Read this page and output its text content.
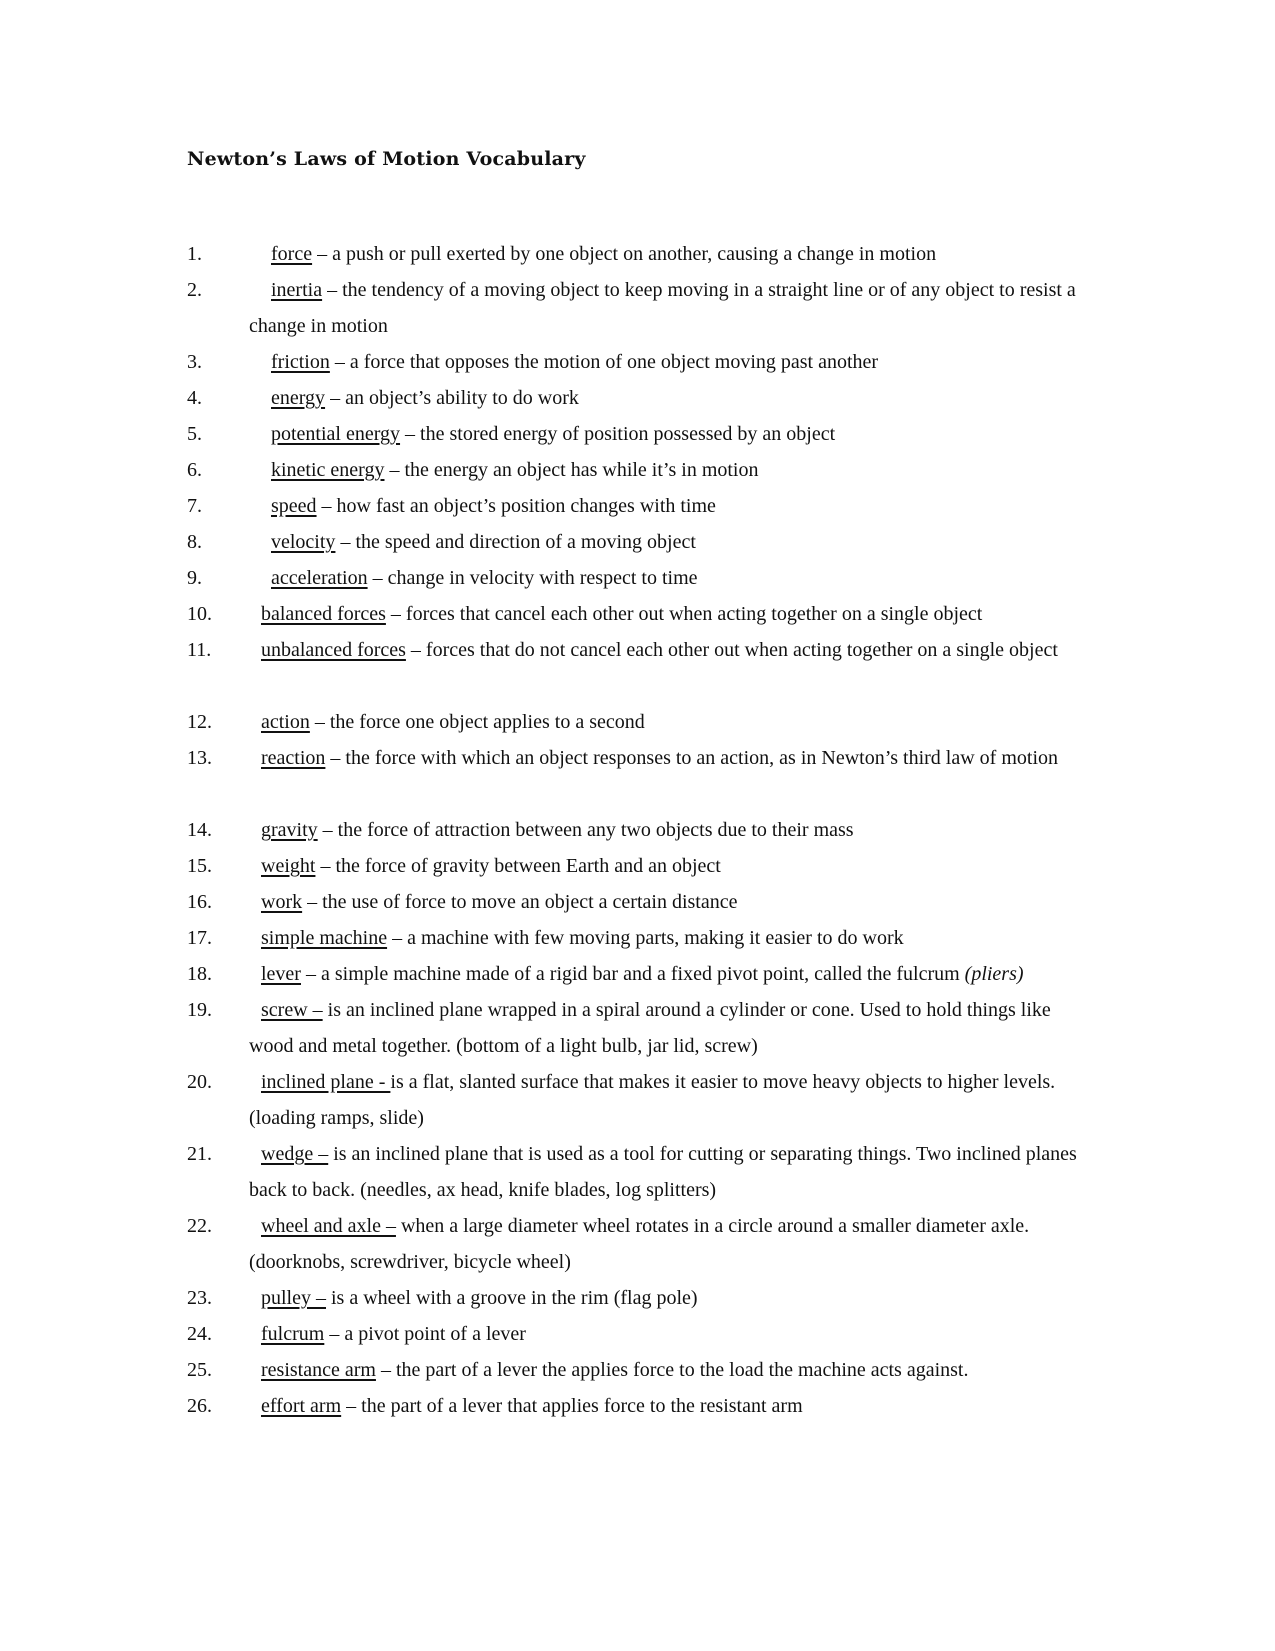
Newton’s Laws of Motion Vocabulary
1.	force – a push or pull exerted by one object on another, causing a change in motion
2.	inertia – the tendency of a moving object to keep moving in a straight line or of any object to resist a change in motion
3.	friction – a force that opposes the motion of one object moving past another
4.	energy – an object’s ability to do work
5.	potential energy – the stored energy of position possessed by an object
6.	kinetic energy – the energy an object has while it’s in motion
7.	speed – how fast an object’s position changes with time
8.	velocity – the speed and direction of a moving object
9.	acceleration – change in velocity with respect to time
10.	balanced forces – forces that cancel each other out when acting together on a single object
11.	unbalanced forces – forces that do not cancel each other out when acting together on a single object
12.	action – the force one object applies to a second
13.	reaction – the force with which an object responses to an action, as in Newton’s third law of motion
14.	gravity – the force of attraction between any two objects due to their mass
15.	weight – the force of gravity between Earth and an object
16.	work – the use of force to move an object a certain distance
17.	simple machine – a machine with few moving parts, making it easier to do work
18.	lever – a simple machine made of a rigid bar and a fixed pivot point, called the fulcrum (pliers)
19.	screw – is an inclined plane wrapped in a spiral around a cylinder or cone. Used to hold things like wood and metal together. (bottom of a light bulb, jar lid, screw)
20.	inclined plane - is a flat, slanted surface that makes it easier to move heavy objects to higher levels. (loading ramps, slide)
21.	wedge – is an inclined plane that is used as a tool for cutting or separating things. Two inclined planes back to back. (needles, ax head, knife blades, log splitters)
22.	wheel and axle – when a large diameter wheel rotates in a circle around a smaller diameter axle. (doorknobs, screwdriver, bicycle wheel)
23.	pulley – is a wheel with a groove in the rim (flag pole)
24.	fulcrum – a pivot point of a lever
25.	resistance arm – the part of a lever the applies force to the load the machine acts against.
26.	effort arm – the part of a lever that applies force to the resistant arm
